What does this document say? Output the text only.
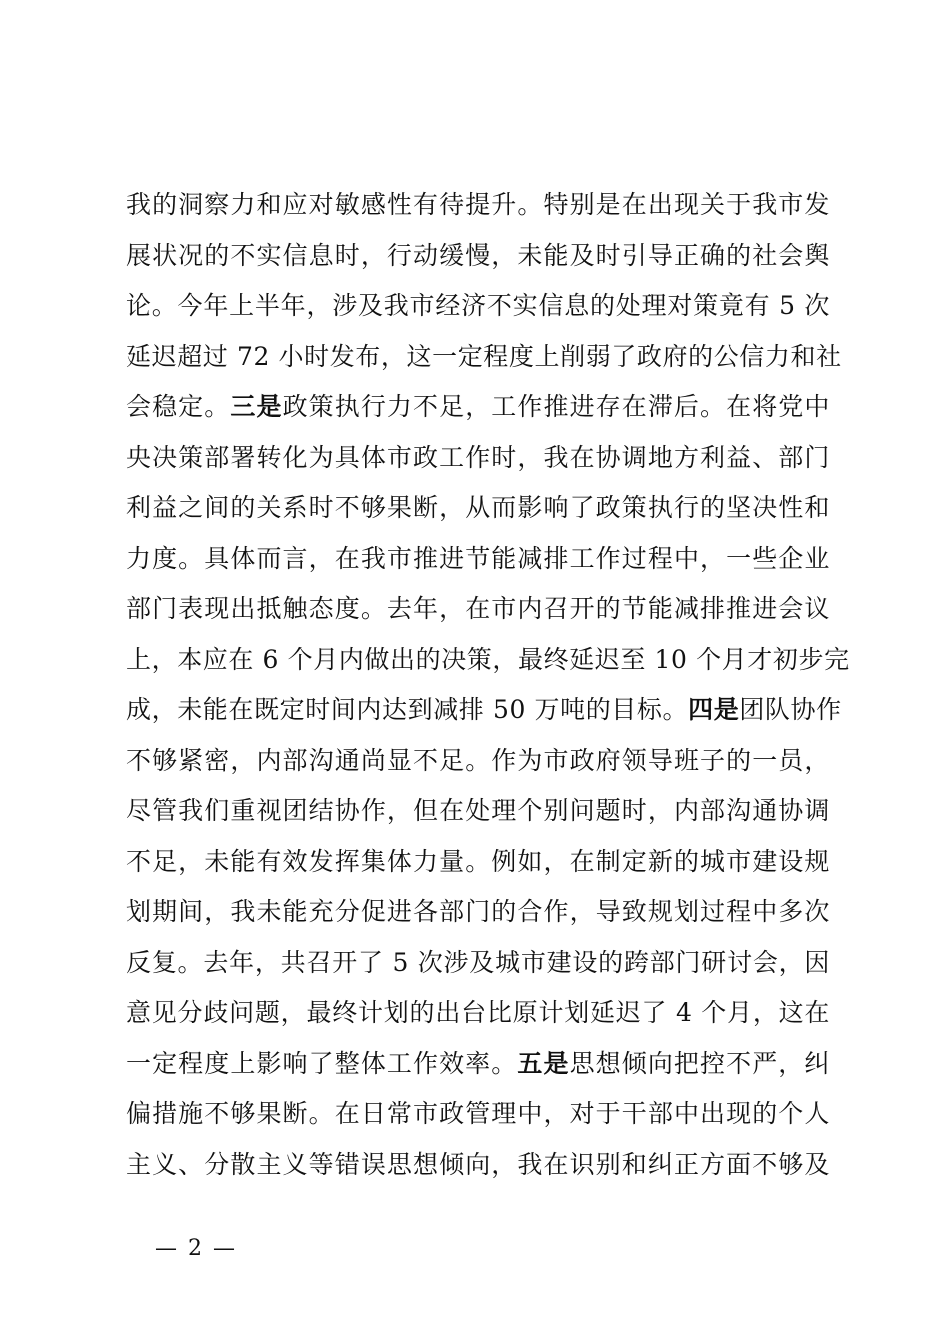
我的洞察力和应对敏感性有待提升。特别是在出现关于我市发
展状况的不实信息时，行动缓慢，未能及时引导正确的社会舆
论。今年上半年，涉及我市经济不实信息的处理对策竟有 5 次
延迟超过 72 小时发布，这一定程度上削弱了政府的公信力和社
会稳定。三是政策执行力不足，工作推进存在滞后。在将党中
央决策部署转化为具体市政工作时，我在协调地方利益、部门
利益之间的关系时不够果断，从而影响了政策执行的坚决性和
力度。具体而言，在我市推进节能减排工作过程中，一些企业
部门表现出抵触态度。去年，在市内召开的节能减排推进会议
上，本应在 6 个月内做出的决策，最终延迟至 10 个月才初步完
成，未能在既定时间内达到减排 50 万吨的目标。四是团队协作
不够紧密，内部沟通尚显不足。作为市政府领导班子的一员，
尽管我们重视团结协作，但在处理个别问题时，内部沟通协调
不足，未能有效发挥集体力量。例如，在制定新的城市建设规
划期间，我未能充分促进各部门的合作，导致规划过程中多次
反复。去年，共召开了 5 次涉及城市建设的跨部门研讨会，因
意见分歧问题，最终计划的出台比原计划延迟了 4 个月，这在
一定程度上影响了整体工作效率。五是思想倾向把控不严，纠
偏措施不够果断。在日常市政管理中，对于干部中出现的个人
主义、分散主义等错误思想倾向，我在识别和纠正方面不够及
— 2 —
